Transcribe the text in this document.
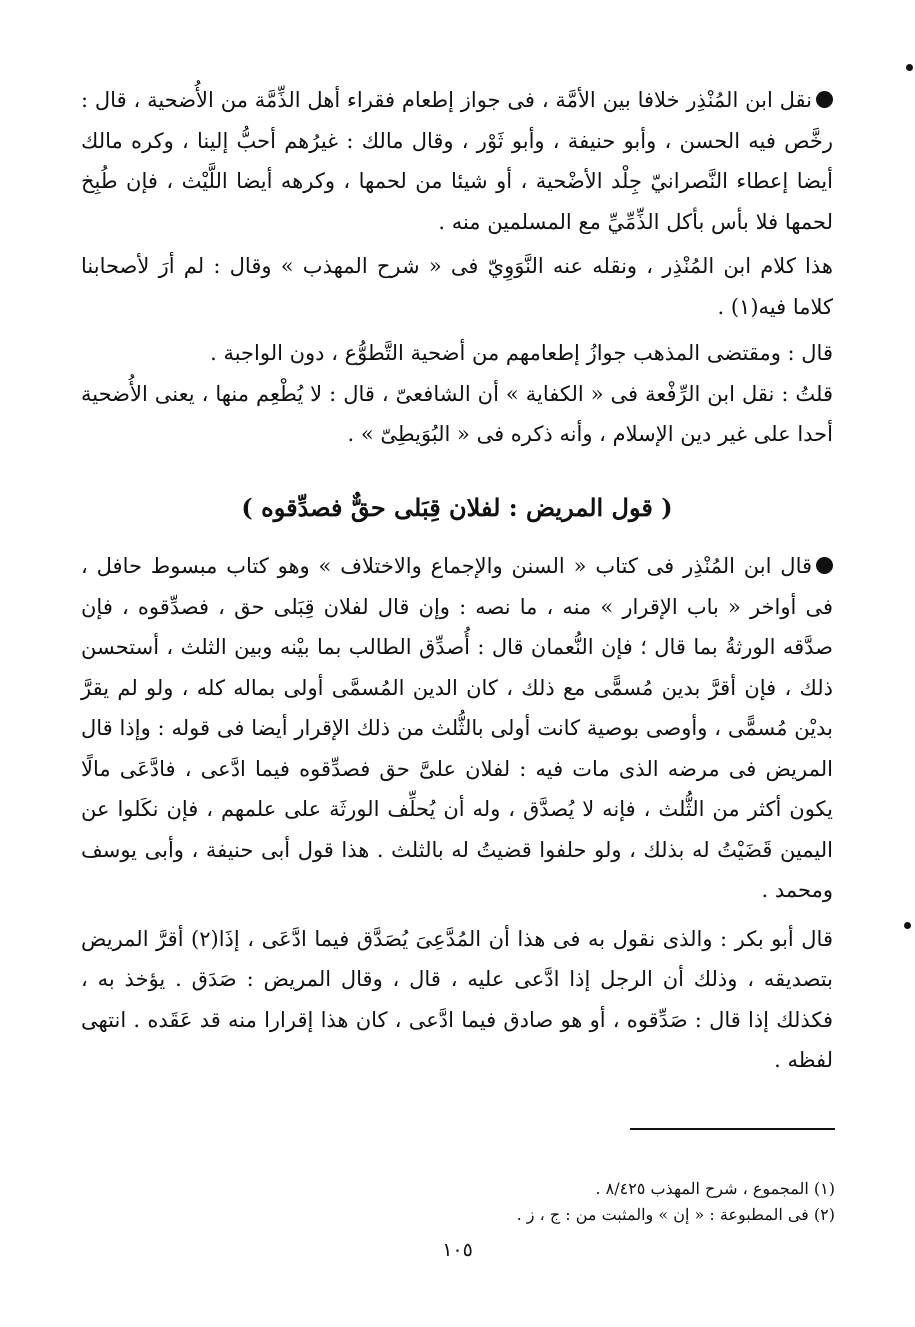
نقل ابن المُنْذِر خلافا بين الأمَّة ، فى جواز إطعام فقراء أهل الذِّمَّة من الأُضحية ، قال : رخَّص فيه الحسن ، وأبو حنيفة ، وأبو ثَوْر ، وقال مالك : غيرُهم أحبُّ إلينا ، وكره مالك أيضا إعطاء النَّصرانيّ جِلْد الأضْحية ، أو شيئا من لحمها ، وكرهه أيضا اللَّيْث ، فإن طُبِخ لحمها فلا بأس بأكل الذِّمِّيِّ مع المسلمين منه .

هذا كلام ابن المُنْذِر ، ونقله عنه النَّوَوِيّ فى « شرح المهذب » وقال : لم أرَ لأصحابنا كلاما فيه(١) .

قال : ومقتضى المذهب جوازُ إطعامهم من أضحية التَّطوُّع ، دون الواجبة .

قلتُ : نقل ابن الرِّفْعة فى « الكفاية » أن الشافعىّ ، قال : لا يُطْعِم منها ، يعنى الأُضحية أحدا على غير دين الإسلام ، وأنه ذكره فى « البُوَيطِىّ » .

( قول المريض : لفلان قِبَلى حقٌّ فصدِّقوه )

قال ابن المُنْذِر فى كتاب « السنن والإجماع والاختلاف » وهو كتاب مبسوط حافل ، فى أواخر « باب الإقرار » منه ، ما نصه : وإن قال لفلان قِبَلى حق ، فصدِّقوه ، فإن صدَّقه الورثةُ بما قال ؛ فإن النُّعمان قال : أُصدِّق الطالب بما بيْنه وبين الثلث ، أستحسن ذلك ، فإن أقرَّ بدين مُسمًّى مع ذلك ، كان الدين المُسمَّى أولى بماله كله ، ولو لم يقرَّ بديْن مُسمًّى ، وأوصى بوصية كانت أولى بالثُّلث من ذلك الإقرار أيضا فى قوله : وإذا قال المريض فى مرضه الذى مات فيه : لفلان علىَّ حق فصدِّقوه فيما ادَّعى ، فادَّعَى مالًا يكون أكثر من الثُّلث ، فإنه لا يُصدَّق ، وله أن يُحلِّف الورثَة على علمهم ، فإن نكَلوا عن اليمين قَضَيْتُ له بذلك ، ولو حلفوا قضيتُ له بالثلث . هذا قول أبى حنيفة ، وأبى يوسف ومحمد .

قال أبو بكر : والذى نقول به فى هذا أن المُدَّعِىَ يُصَدَّق فيما ادَّعَى ، إذَا(٢) أقرَّ المريض بتصديقه ، وذلك أن الرجل إذا ادَّعى عليه ، قال ، وقال المريض : صَدَق . يؤخذ به ، فكذلك إذا قال : صَدِّقوه ، أو هو صادق فيما ادَّعى ، كان هذا إقرارا منه قد عَقَده . انتهى لفظه .

(١) المجموع ، شرح المهذب ٨/٤٢٥ .
(٢) فى المطبوعة : « إن » والمثبت من : ج ، ز .
١٠٥
